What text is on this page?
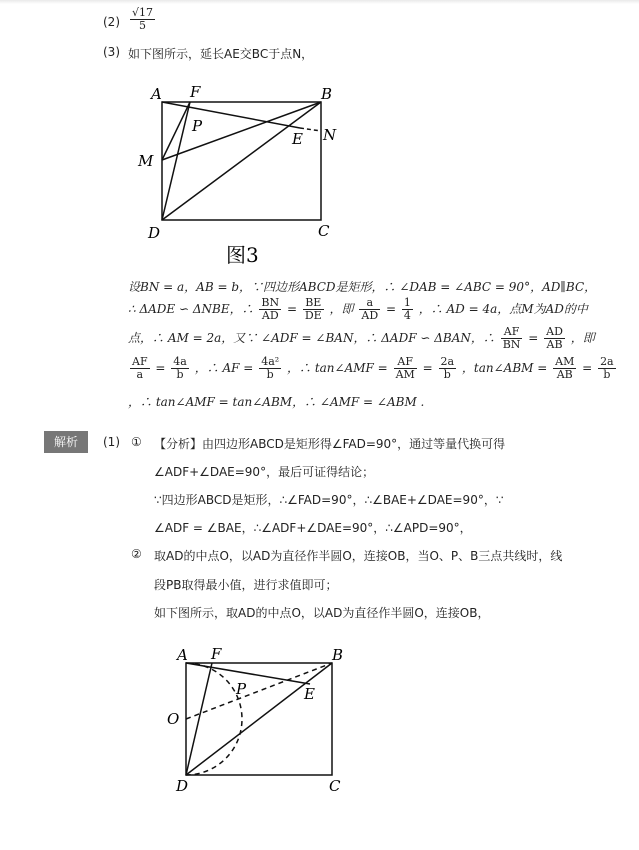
$(2) \frac{√17}{5}$
(3) 如下图所示，延长AE交BC于点N，
A F	B
P
E N
M
D	C
图3
设BN = a，AB = b，∵四边形ABCD是矩形，∴ ∠DAB = ∠ABC = 90°，AD∥BC，
∴ ΔADE ∽ ΔNBE，∴ $\frac{BN}{AD} = \frac{BE}{DE}$ ，即 $\frac{a}{AD} = \frac{1}{4}$ ，∴ AD = 4a，点M为AD的中
点，∴ AM = 2a，又∵ ∠ADF = ∠BAN，∴ ΔADF ∽ ΔBAN，∴ $\frac{AF}{BN} = \frac{AD}{AB}$ ，即
$\frac{AF}{a} = \frac{4a}{b}$ ，∴ AF = $\frac{\text{4a²}}{b}$ ，∴ tan∠AMF = $\frac{AF}{AM} = \frac{2a}{b}$ ，tan∠ABM = $\frac{AM}{AB} = \frac{2a}{b}$
，∴ tan∠AMF = tan∠ABM，∴ ∠AMF = ∠ABM .
解析	(1) ① 【分析】由四边形ABCD是矩形得∠FAD=90°，通过等量代换可得
∠ADF+∠DAE=90°，最后可证得结论；
∵四边形ABCD是矩形，∴∠FAD=90°，∴∠BAE+∠DAE=90°，∵
∠ADF = ∠BAE，∴∠ADF+∠DAE=90°，∴∠APD=90°，
② 取AD的中点O，以AD为直径作半圆O，连接OB，当O、P、B三点共线时，线
段PB取得最小值，进行求值即可；
如下图所示，取AD的中点O，以AD为直径作半圆O，连接OB，
A F	B
P	E
O
D	C
